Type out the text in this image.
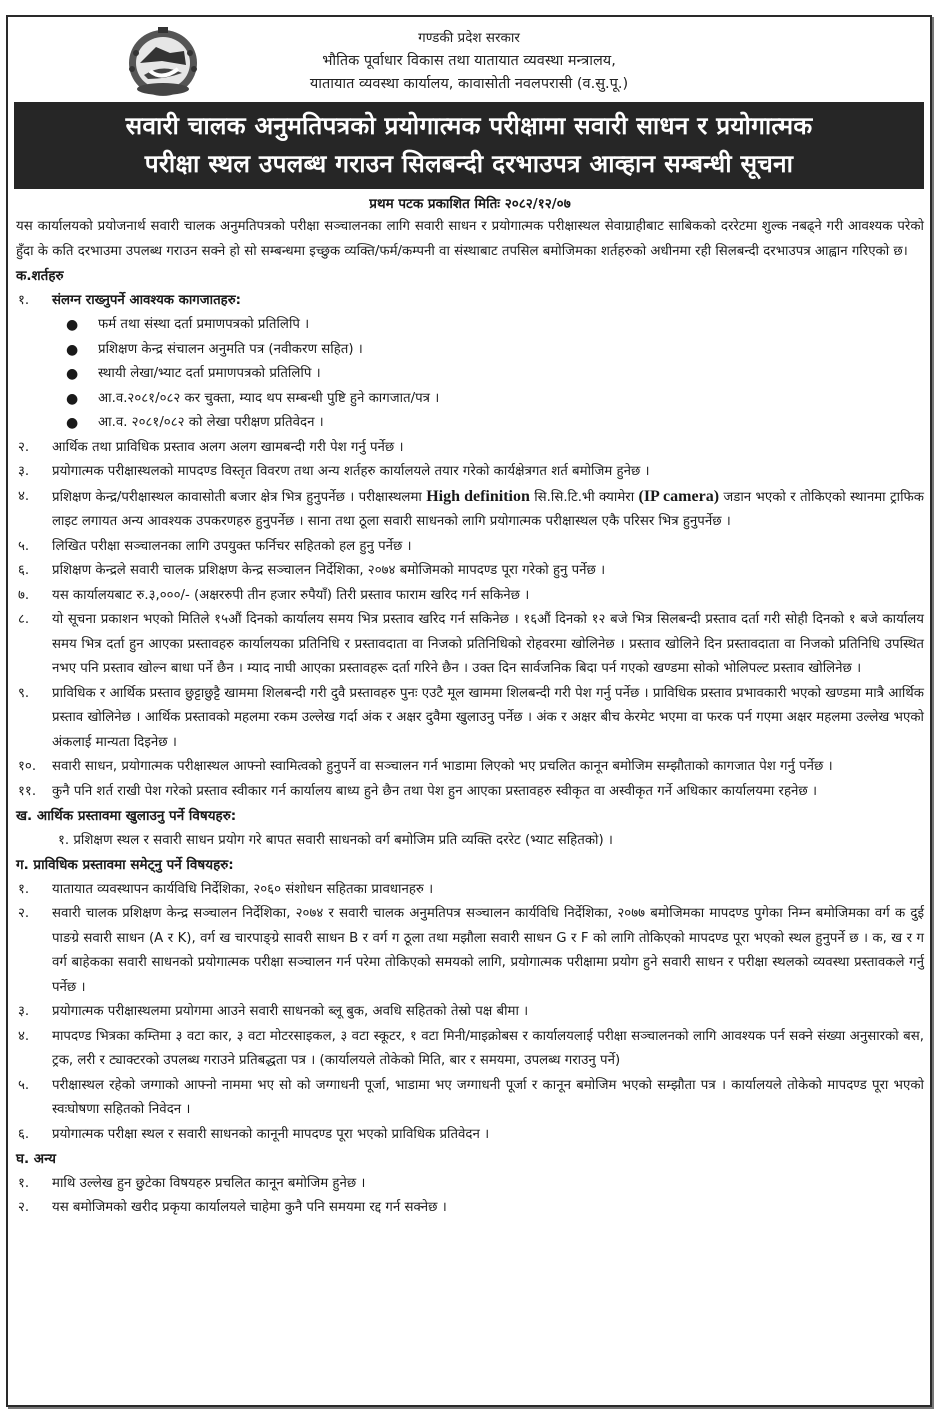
गण्डकी प्रदेश सरकार
भौतिक पूर्वाधार विकास तथा यातायात व्यवस्था मन्त्रालय,
यातायात व्यवस्था कार्यालय, कावासोती नवलपरासी (व.सु.पू.)
सवारी चालक अनुमतिपत्रको प्रयोगात्मक परीक्षामा सवारी साधन र प्रयोगात्मक
परीक्षा स्थल उपलब्ध गराउन सिलबन्दी दरभाउपत्र आव्हान सम्बन्धी सूचना
प्रथम पटक प्रकाशित मितिः २०८२/१२/०७
यस कार्यालयको प्रयोजनार्थ सवारी चालक अनुमतिपत्रको परीक्षा सञ्चालनका लागि सवारी साधन र प्रयोगात्मक परीक्षास्थल सेवाग्राहीबाट साबिकको दररेटमा शुल्क नबढ्ने गरी आवश्यक परेको हुँदा के कति दरभाउमा उपलब्ध गराउन सक्ने हो सो सम्बन्धमा इच्छुक व्यक्ति/फर्म/कम्पनी वा संस्थाबाट तपसिल बमोजिमका शर्तहरुको अधीनमा रही सिलबन्दी दरभाउपत्र आह्वान गरिएको छ।
क.शर्तहरु
१.	संलग्न राख्नुपर्ने आवश्यक कागजातहरु:
●	फर्म तथा संस्था दर्ता प्रमाणपत्रको प्रतिलिपि ।
●	प्रशिक्षण केन्द्र संचालन अनुमति पत्र (नवीकरण सहित) ।
●	स्थायी लेखा/भ्याट दर्ता प्रमाणपत्रको प्रतिलिपि ।
●	आ.व.२०८१/०८२ कर चुक्ता, म्याद थप सम्बन्धी पुष्टि हुने कागजात/पत्र ।
●	आ.व. २०८१/०८२ को लेखा परीक्षण प्रतिवेदन ।
२.	आर्थिक तथा प्राविधिक प्रस्ताव अलग अलग खामबन्दी गरी पेश गर्नु पर्नेछ ।
३.	प्रयोगात्मक परीक्षास्थलको मापदण्ड विस्तृत विवरण तथा अन्य शर्तहरु कार्यालयले तयार गरेको कार्यक्षेत्रगत शर्त बमोजिम हुनेछ ।
४.	प्रशिक्षण केन्द्र/परीक्षास्थल कावासोती बजार क्षेत्र भित्र हुनुपर्नेछ । परीक्षास्थलमा High definition सि.सि.टि.भी क्यामेरा (IP camera) जडान भएको र तोकिएको स्थानमा ट्राफिक लाइट लगायत अन्य आवश्यक उपकरणहरु हुनुपर्नेछ । साना तथा ठूला सवारी साधनको लागि प्रयोगात्मक परीक्षास्थल एकै परिसर भित्र हुनुपर्नेछ ।
५.	लिखित परीक्षा सञ्चालनका लागि उपयुक्त फर्निचर सहितको हल हुनु पर्नेछ ।
६.	प्रशिक्षण केन्द्रले सवारी चालक प्रशिक्षण केन्द्र सञ्चालन निर्देशिका, २०७४ बमोजिमको मापदण्ड पूरा गरेको हुनु पर्नेछ ।
७.	यस कार्यालयबाट रु.३,०००/- (अक्षररुपी तीन हजार रुपैयाँ) तिरी प्रस्ताव फाराम खरिद गर्न सकिनेछ ।
८.	यो सूचना प्रकाशन भएको मितिले १५औं दिनको कार्यालय समय भित्र प्रस्ताव खरिद गर्न सकिनेछ । १६औं दिनको १२ बजे भित्र सिलबन्दी प्रस्ताव दर्ता गरी सोही दिनको १ बजे कार्यालय समय भित्र दर्ता हुन आएका प्रस्तावहरु कार्यालयका प्रतिनिधि र प्रस्तावदाता वा निजको प्रतिनिधिको रोहवरमा खोलिनेछ । प्रस्ताव खोलिने दिन प्रस्तावदाता वा निजको प्रतिनिधि उपस्थित नभए पनि प्रस्ताव खोल्न बाधा पर्ने छैन । म्याद नाघी आएका प्रस्तावहरू दर्ता गरिने छैन । उक्त दिन सार्वजनिक बिदा पर्न गएको खण्डमा सोको भोलिपल्ट प्रस्ताव खोलिनेछ ।
९.	प्राविधिक र आर्थिक प्रस्ताव छुट्टाछुट्टै खाममा शिलबन्दी गरी दुवै प्रस्तावहरु पुनः एउटै मूल खाममा शिलबन्दी गरी पेश गर्नु पर्नेछ । प्राविधिक प्रस्ताव प्रभावकारी भएको खण्डमा मात्रै आर्थिक प्रस्ताव खोलिनेछ । आर्थिक प्रस्तावको महलमा रकम उल्लेख गर्दा अंक र अक्षर दुवैमा खुलाउनु पर्नेछ । अंक र अक्षर बीच केरमेट भएमा वा फरक पर्न गएमा अक्षर महलमा उल्लेख भएको अंकलाई मान्यता दिइनेछ ।
१०.	सवारी साधन, प्रयोगात्मक परीक्षास्थल आफ्नो स्वामित्वको हुनुपर्ने वा सञ्चालन गर्न भाडामा लिएको भए प्रचलित कानून बमोजिम सम्झौताको कागजात पेश गर्नु पर्नेछ ।
११.	कुनै पनि शर्त राखी पेश गरेको प्रस्ताव स्वीकार गर्न कार्यालय बाध्य हुने छैन तथा पेश हुन आएका प्रस्तावहरु स्वीकृत वा अस्वीकृत गर्ने अधिकार कार्यालयमा रहनेछ ।
ख. आर्थिक प्रस्तावमा खुलाउनु पर्ने विषयहरु:
१. प्रशिक्षण स्थल र सवारी साधन प्रयोग गरे बापत सवारी साधनको वर्ग बमोजिम प्रति व्यक्ति दररेट (भ्याट सहितको) ।
ग. प्राविधिक प्रस्तावमा समेट्नु पर्ने विषयहरु:
१.	यातायात व्यवस्थापन कार्यविधि निर्देशिका, २०६० संशोधन सहितका प्रावधानहरु ।
२.	सवारी चालक प्रशिक्षण केन्द्र सञ्चालन निर्देशिका, २०७४ र सवारी चालक अनुमतिपत्र सञ्चालन कार्यविधि निर्देशिका, २०७७ बमोजिमका मापदण्ड पुगेका निम्न बमोजिमका वर्ग क दुई पाङग्रे सवारी साधन (A र K), वर्ग ख चारपाङ्ग्रे सावरी साधन B र वर्ग ग ठूला तथा मझौला सवारी साधन G र F को लागि तोकिएको मापदण्ड पूरा भएको स्थल हुनुपर्ने छ । क, ख र ग वर्ग बाहेकका सवारी साधनको प्रयोगात्मक परीक्षा सञ्चालन गर्न परेमा तोकिएको समयको लागि, प्रयोगात्मक परीक्षामा प्रयोग हुने सवारी साधन र परीक्षा स्थलको व्यवस्था प्रस्तावकले गर्नु पर्नेछ ।
३.	प्रयोगात्मक परीक्षास्थलमा प्रयोगमा आउने सवारी साधनको ब्लू बुक, अवधि सहितको तेस्रो पक्ष बीमा ।
४.	मापदण्ड भित्रका कम्तिमा ३ वटा कार, ३ वटा मोटरसाइकल, ३ वटा स्कूटर, १ वटा मिनी/माइक्रोबस र कार्यालयलाई परीक्षा सञ्चालनको लागि आवश्यक पर्न सक्ने संख्या अनुसारको बस, ट्रक, लरी र ट्याक्टरको उपलब्ध गराउने प्रतिबद्धता पत्र । (कार्यालयले तोकेको मिति, बार र समयमा, उपलब्ध गराउनु पर्ने)
५.	परीक्षास्थल रहेको जग्गाको आफ्नो नाममा भए सो को जग्गाधनी पूर्जा, भाडामा भए जग्गाधनी पूर्जा र कानून बमोजिम भएको सम्झौता पत्र । कार्यालयले तोकेको मापदण्ड पूरा भएको स्वःघोषणा सहितको निवेदन ।
६.	प्रयोगात्मक परीक्षा स्थल र सवारी साधनको कानूनी मापदण्ड पूरा भएको प्राविधिक प्रतिवेदन ।
घ. अन्य
१.	माथि उल्लेख हुन छुटेका विषयहरु प्रचलित कानून बमोजिम हुनेछ ।
२.	यस बमोजिमको खरीद प्रकृया कार्यालयले चाहेमा कुनै पनि समयमा रद्द गर्न सक्नेछ ।
